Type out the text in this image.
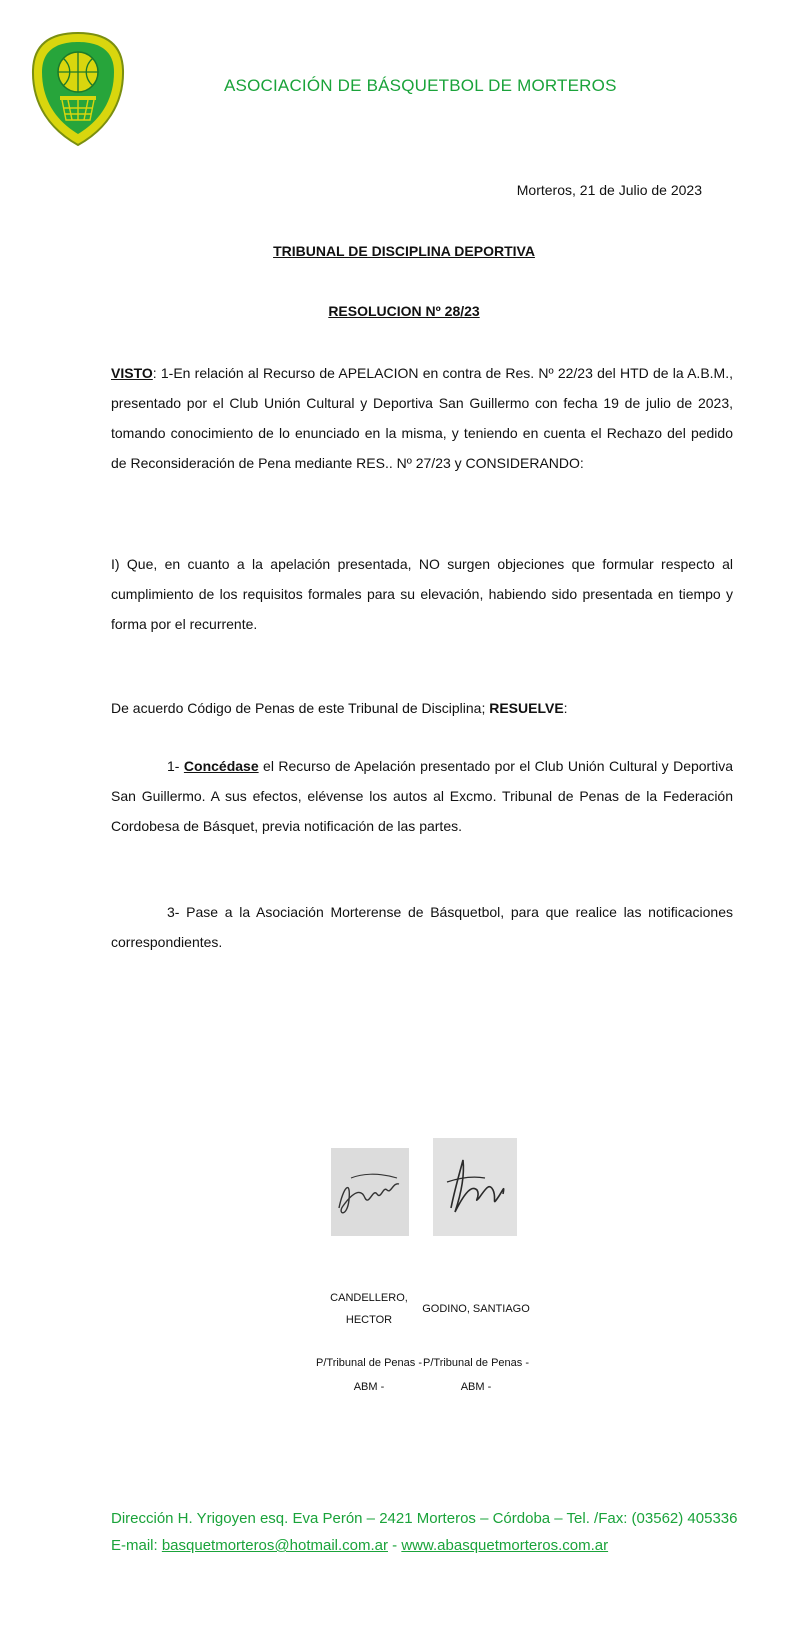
ASOCIACIÓN DE BÁSQUETBOL DE MORTEROS
Morteros, 21 de Julio de 2023
TRIBUNAL DE DISCIPLINA DEPORTIVA
RESOLUCION Nº 28/23
VISTO: 1-En relación al Recurso de APELACION en contra de Res. Nº 22/23 del HTD de la A.B.M., presentado por el Club Unión Cultural y Deportiva San Guillermo con fecha 19 de julio de 2023, tomando conocimiento de lo enunciado en la misma, y teniendo en cuenta el Rechazo del pedido de Reconsideración de Pena mediante RES.. Nº 27/23 y CONSIDERANDO:
I) Que, en cuanto a la apelación presentada, NO surgen objeciones que formular respecto al cumplimiento de los requisitos formales para su elevación, habiendo sido presentada en tiempo y forma por el recurrente.
De acuerdo Código de Penas de este Tribunal de Disciplina; RESUELVE:
1- Concédase el Recurso de Apelación presentado por el Club Unión Cultural y Deportiva San Guillermo. A sus efectos, elévense los autos al Excmo. Tribunal de Penas de la Federación Cordobesa de Básquet, previa notificación de las partes.
3- Pase a la Asociación Morterense de Básquetbol, para que realice las notificaciones correspondientes.
CANDELLERO, HECTOR
GODINO, SANTIAGO
P/Tribunal de Penas - ABM -
P/Tribunal de Penas - ABM -
Dirección H. Yrigoyen esq. Eva Perón – 2421 Morteros – Córdoba – Tel. /Fax: (03562) 405336
E-mail: basquetmorteros@hotmail.com.ar - www.abasquetmorteros.com.ar
